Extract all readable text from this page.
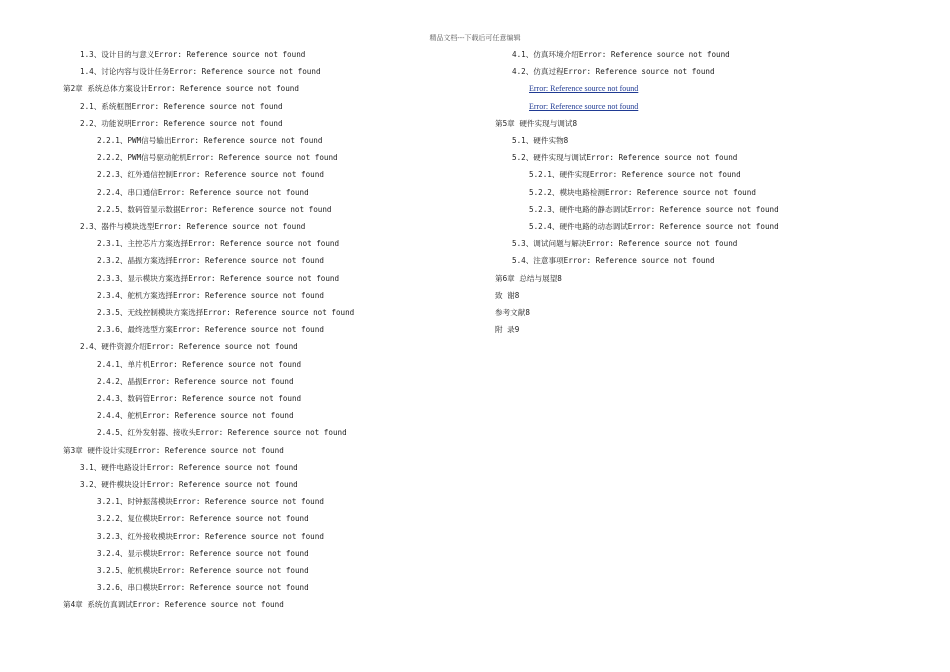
精品文档---下载后可任意编辑
1.3、设计目的与意义Error: Reference source not found
1.4、讨论内容与设计任务Error: Reference source not found
第2章 系统总体方案设计Error: Reference source not found
2.1、系统框图Error: Reference source not found
2.2、功能说明Error: Reference source not found
2.2.1、PWM信号输出Error: Reference source not found
2.2.2、PWM信号驱动舵机Error: Reference source not found
2.2.3、红外通信控制Error: Reference source not found
2.2.4、串口通信Error: Reference source not found
2.2.5、数码管显示数据Error: Reference source not found
2.3、器件与模块选型Error: Reference source not found
2.3.1、主控芯片方案选择Error: Reference source not found
2.3.2、晶振方案选择Error: Reference source not found
2.3.3、显示模块方案选择Error: Reference source not found
2.3.4、舵机方案选择Error: Reference source not found
2.3.5、无线控制模块方案选择Error: Reference source not found
2.3.6、最终选型方案Error: Reference source not found
2.4、硬件资源介绍Error: Reference source not found
2.4.1、单片机Error: Reference source not found
2.4.2、晶振Error: Reference source not found
2.4.3、数码管Error: Reference source not found
2.4.4、舵机Error: Reference source not found
2.4.5、红外发射器、接收头Error: Reference source not found
第3章 硬件设计实现Error: Reference source not found
3.1、硬件电路设计Error: Reference source not found
3.2、硬件模块设计Error: Reference source not found
3.2.1、时钟振荡模块Error: Reference source not found
3.2.2、复位模块Error: Reference source not found
3.2.3、红外接收模块Error: Reference source not found
3.2.4、显示模块Error: Reference source not found
3.2.5、舵机模块Error: Reference source not found
3.2.6、串口模块Error: Reference source not found
第4章 系统仿真调试Error: Reference source not found
4.1、仿真环境介绍Error: Reference source not found
4.2、仿真过程Error: Reference source not found
Error: Reference source not found
Error: Reference source not found
第5章 硬件实现与调试8
5.1、硬件实物8
5.2、硬件实现与调试Error: Reference source not found
5.2.1、硬件实现Error: Reference source not found
5.2.2、模块电路检测Error: Reference source not found
5.2.3、硬件电路的静态调试Error: Reference source not found
5.2.4、硬件电路的动态调试Error: Reference source not found
5.3、调试问题与解决Error: Reference source not found
5.4、注意事项Error: Reference source not found
第6章 总结与展望8
致 谢8
参考文献8
附 录9
